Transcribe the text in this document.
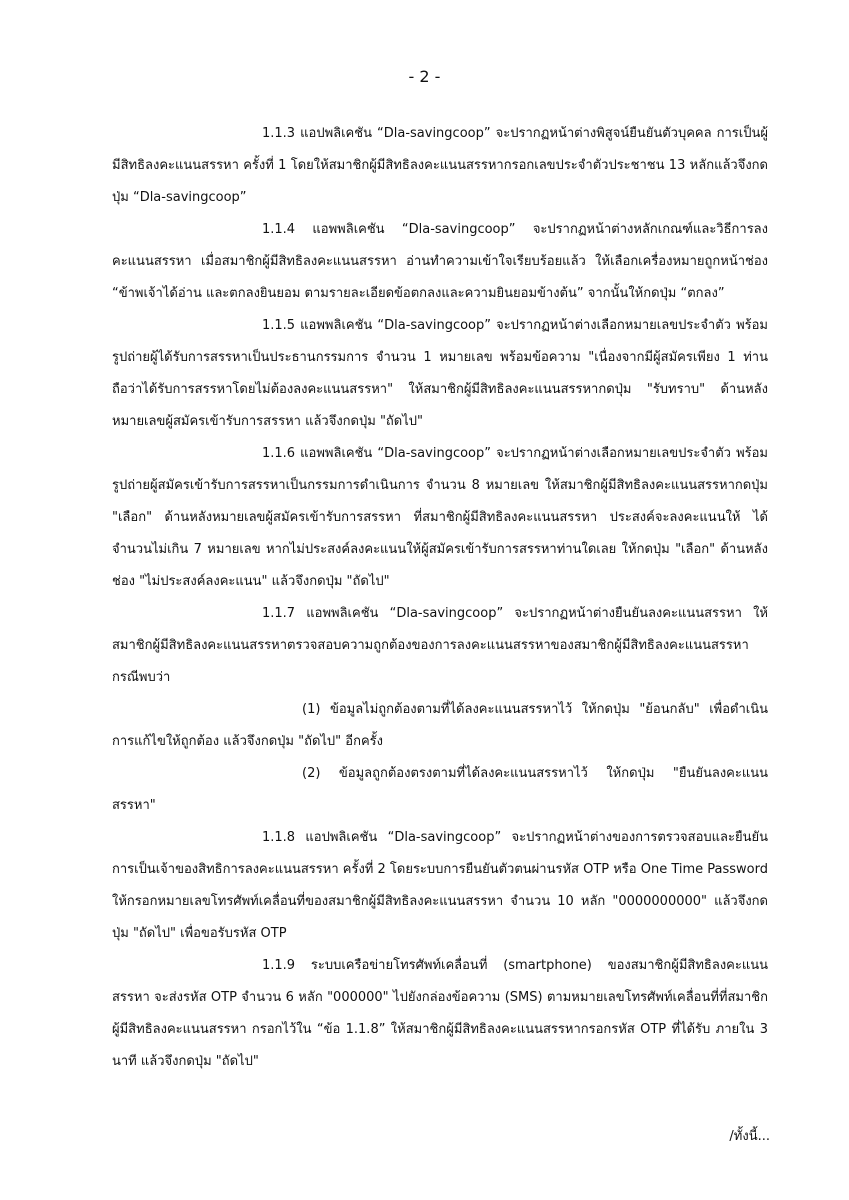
- 2 -

1.1.3 แอปพลิเคชัน “Dla-savingcoop” จะปรากฏหน้าต่างพิสูจน์ยืนยันตัวบุคคล การเป็นผู้มีสิทธิลงคะแนนสรรหา ครั้งที่ 1 โดยให้สมาชิกผู้มีสิทธิลงคะแนนสรรหากรอกเลขประจำตัวประชาชน 13 หลักแล้วจึงกดปุ่ม “Dla-savingcoop”

1.1.4 แอพพลิเคชัน “Dla-savingcoop” จะปรากฏหน้าต่างหลักเกณฑ์และวิธีการลงคะแนนสรรหา เมื่อสมาชิกผู้มีสิทธิลงคะแนนสรรหา อ่านทำความเข้าใจเรียบร้อยแล้ว ให้เลือกเครื่องหมายถูกหน้าช่อง “ข้าพเจ้าได้อ่าน และตกลงยินยอม ตามรายละเอียดข้อตกลงและความยินยอมข้างต้น” จากนั้นให้กดปุ่ม “ตกลง”

1.1.5 แอพพลิเคชัน “Dla-savingcoop” จะปรากฏหน้าต่างเลือกหมายเลขประจำตัว พร้อมรูปถ่ายผู้ได้รับการสรรหาเป็นประธานกรรมการ จำนวน 1 หมายเลข พร้อมข้อความ "เนื่องจากมีผู้สมัครเพียง 1 ท่าน ถือว่าได้รับการสรรหาโดยไม่ต้องลงคะแนนสรรหา" ให้สมาชิกผู้มีสิทธิลงคะแนนสรรหากดปุ่ม "รับทราบ" ด้านหลังหมายเลขผู้สมัครเข้ารับการสรรหา แล้วจึงกดปุ่ม "ถัดไป"

1.1.6 แอพพลิเคชัน “Dla-savingcoop” จะปรากฏหน้าต่างเลือกหมายเลขประจำตัว พร้อมรูปถ่ายผู้สมัครเข้ารับการสรรหาเป็นกรรมการดำเนินการ จำนวน 8 หมายเลข ให้สมาชิกผู้มีสิทธิลงคะแนนสรรหากดปุ่ม "เลือก" ด้านหลังหมายเลขผู้สมัครเข้ารับการสรรหา ที่สมาชิกผู้มีสิทธิลงคะแนนสรรหา ประสงค์จะลงคะแนนให้ ได้จำนวนไม่เกิน 7 หมายเลข หากไม่ประสงค์ลงคะแนนให้ผู้สมัครเข้ารับการสรรหาท่านใดเลย ให้กดปุ่ม "เลือก" ด้านหลังช่อง "ไม่ประสงค์ลงคะแนน" แล้วจึงกดปุ่ม "ถัดไป"

1.1.7 แอพพลิเคชัน “Dla-savingcoop” จะปรากฏหน้าต่างยืนยันลงคะแนนสรรหา ให้สมาชิกผู้มีสิทธิลงคะแนนสรรหาตรวจสอบความถูกต้องของการลงคะแนนสรรหาของสมาชิกผู้มีสิทธิลงคะแนนสรรหา กรณีพบว่า

(1) ข้อมูลไม่ถูกต้องตามที่ได้ลงคะแนนสรรหาไว้ ให้กดปุ่ม "ย้อนกลับ" เพื่อดำเนินการแก้ไขให้ถูกต้อง แล้วจึงกดปุ่ม "ถัดไป" อีกครั้ง

(2) ข้อมูลถูกต้องตรงตามที่ได้ลงคะแนนสรรหาไว้ ให้กดปุ่ม "ยืนยันลงคะแนนสรรหา"

1.1.8 แอปพลิเคชัน “Dla-savingcoop” จะปรากฏหน้าต่างของการตรวจสอบและยืนยันการเป็นเจ้าของสิทธิการลงคะแนนสรรหา ครั้งที่ 2 โดยระบบการยืนยันตัวตนผ่านรหัส OTP หรือ One Time Password ให้กรอกหมายเลขโทรศัพท์เคลื่อนที่ของสมาชิกผู้มีสิทธิลงคะแนนสรรหา จำนวน 10 หลัก "0000000000" แล้วจึงกดปุ่ม "ถัดไป" เพื่อขอรับรหัส OTP

1.1.9 ระบบเครือข่ายโทรศัพท์เคลื่อนที่ (smartphone) ของสมาชิกผู้มีสิทธิลงคะแนนสรรหา จะส่งรหัส OTP จำนวน 6 หลัก "000000" ไปยังกล่องข้อความ (SMS) ตามหมายเลขโทรศัพท์เคลื่อนที่ที่สมาชิกผู้มีสิทธิลงคะแนนสรรหา กรอกไว้ใน “ข้อ 1.1.8” ให้สมาชิกผู้มีสิทธิลงคะแนนสรรหากรอกรหัส OTP ที่ได้รับ ภายใน 3 นาที แล้วจึงกดปุ่ม "ถัดไป"

/ทั้งนี้...
